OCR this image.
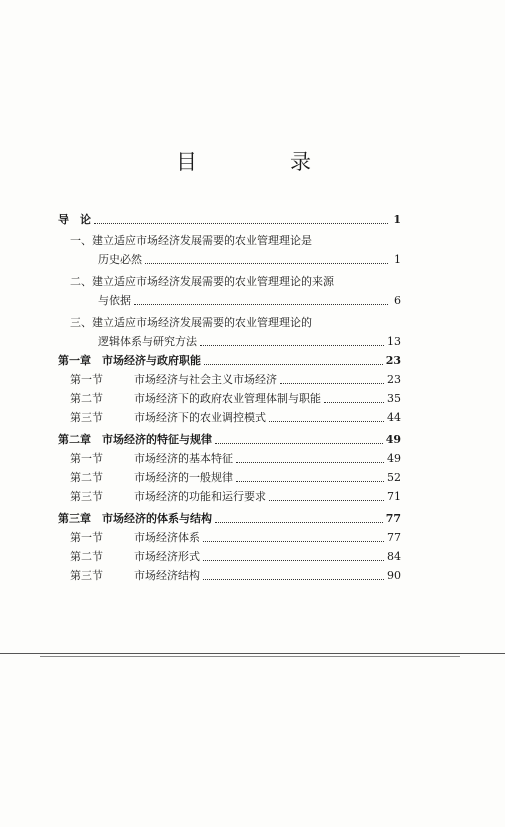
目　录
导　论	1
一、建立适应市场经济发展需要的农业管理理论是
历史必然	1
二、建立适应市场经济发展需要的农业管理理论的来源
与依据	6
三、建立适应市场经济发展需要的农业管理理论的
逻辑体系与研究方法	13
第一章　市场经济与政府职能	23
第一节	市场经济与社会主义市场经济	23
第二节	市场经济下的政府农业管理体制与职能	35
第三节	市场经济下的农业调控模式	44
第二章　市场经济的特征与规律	49
第一节	市场经济的基本特征	49
第二节	市场经济的一般规律	52
第三节	市场经济的功能和运行要求	71
第三章　市场经济的体系与结构	77
第一节	市场经济体系	77
第二节	市场经济形式	84
第三节	市场经济结构	90
